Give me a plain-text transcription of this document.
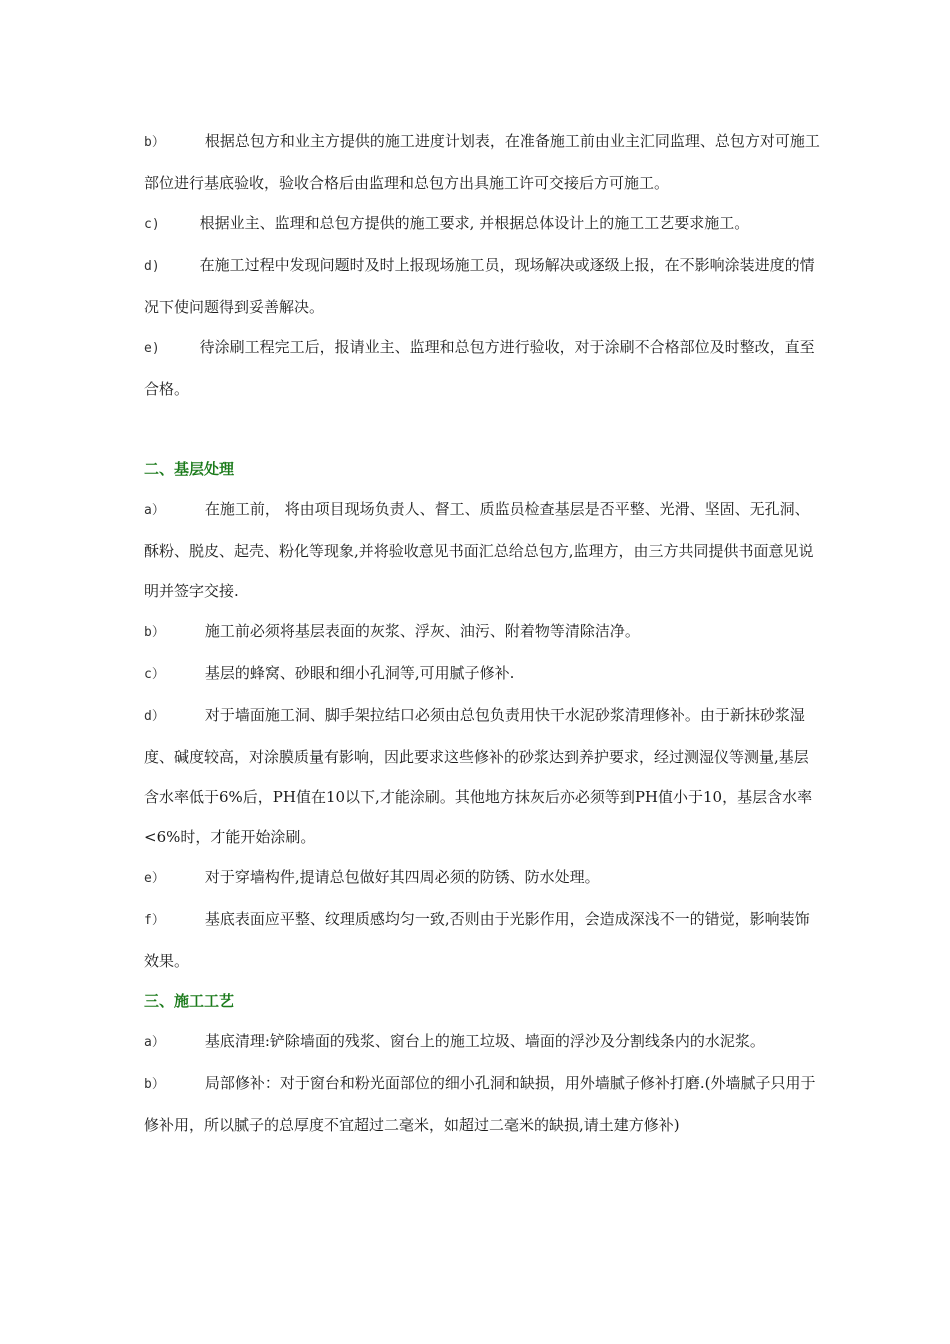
b）	根据总包方和业主方提供的施工进度计划表，在准备施工前由业主汇同监理、总包方对可施工部位进行基底验收，验收合格后由监理和总包方出具施工许可交接后方可施工。

c)	根据业主、监理和总包方提供的施工要求, 并根据总体设计上的施工工艺要求施工。

d)	在施工过程中发现问题时及时上报现场施工员，现场解决或逐级上报，在不影响涂装进度的情况下使问题得到妥善解决。

e)	待涂刷工程完工后，报请业主、监理和总包方进行验收，对于涂刷不合格部位及时整改，直至合格。

二、基层处理

a）	在施工前， 将由项目现场负责人、督工、质监员检查基层是否平整、光滑、坚固、无孔洞、酥粉、脱皮、起壳、粉化等现象,并将验收意见书面汇总给总包方,监理方，由三方共同提供书面意见说明并签字交接.

b）	施工前必须将基层表面的灰浆、浮灰、油污、附着物等清除洁净。

c）	基层的蜂窝、砂眼和细小孔洞等,可用腻子修补.

d）	对于墙面施工洞、脚手架拉结口必须由总包负责用快干水泥砂浆清理修补。由于新抹砂浆湿度、碱度较高，对涂膜质量有影响，因此要求这些修补的砂浆达到养护要求，经过测湿仪等测量,基层含水率低于6%后，PH值在10以下,才能涂刷。其他地方抹灰后亦必须等到PH值小于10，基层含水率<6%时，才能开始涂刷。

e）	对于穿墙构件,提请总包做好其四周必须的防锈、防水处理。

f）	基底表面应平整、纹理质感均匀一致,否则由于光影作用，会造成深浅不一的错觉，影响装饰效果。

三、施工工艺

a）	基底清理:铲除墙面的残浆、窗台上的施工垃圾、墙面的浮沙及分割线条内的水泥浆。

b）	局部修补：对于窗台和粉光面部位的细小孔洞和缺损，用外墙腻子修补打磨.(外墙腻子只用于修补用，所以腻子的总厚度不宜超过二毫米，如超过二毫米的缺损,请土建方修补)
